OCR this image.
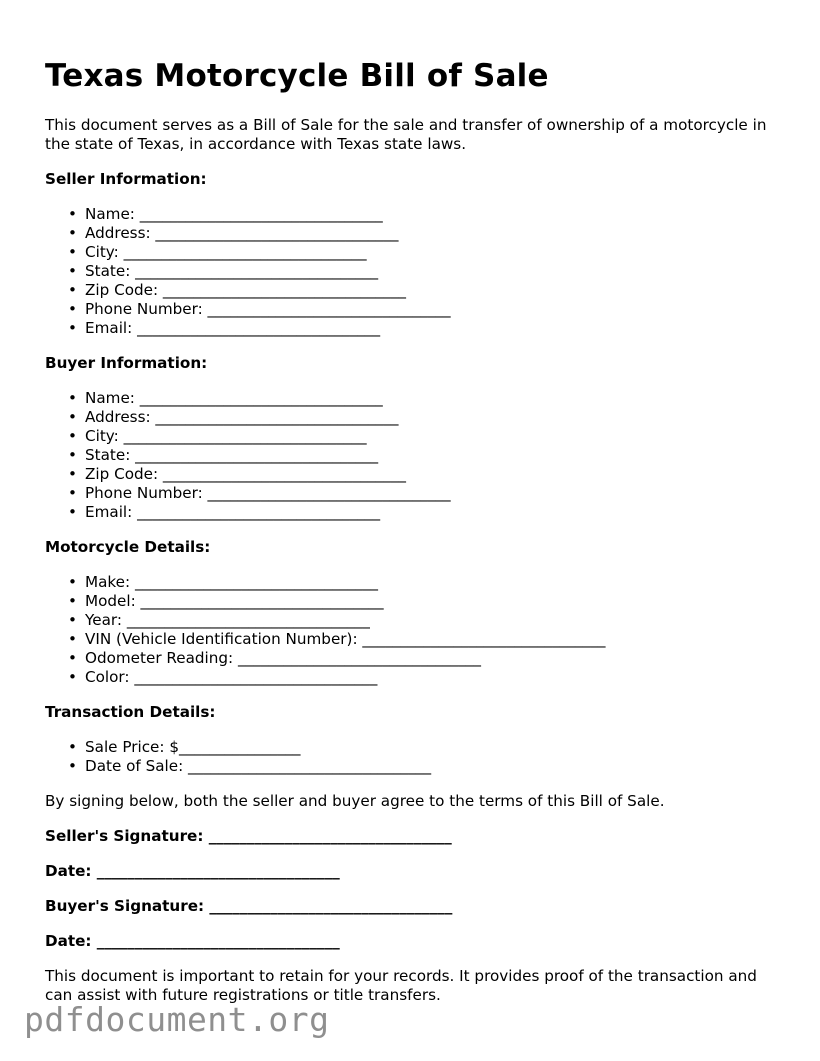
Texas Motorcycle Bill of Sale

This document serves as a Bill of Sale for the sale and transfer of ownership of a motorcycle in the state of Texas, in accordance with Texas state laws.

Seller Information:
• Name: ________________________________
• Address: ________________________________
• City: ________________________________
• State: ________________________________
• Zip Code: ________________________________
• Phone Number: ________________________________
• Email: ________________________________
Buyer Information:
• Name: ________________________________
• Address: ________________________________
• City: ________________________________
• State: ________________________________
• Zip Code: ________________________________
• Phone Number: ________________________________
• Email: ________________________________
Motorcycle Details:
• Make: ________________________________
• Model: ________________________________
• Year: ________________________________
• VIN (Vehicle Identification Number): ________________________________
• Odometer Reading: ________________________________
• Color: ________________________________
Transaction Details:
• Sale Price: $________________
• Date of Sale: ________________________________

By signing below, both the seller and buyer agree to the terms of this Bill of Sale.

Seller's Signature: ________________________________
Date: ________________________________
Buyer's Signature: ________________________________
Date: ________________________________

This document is important to retain for your records. It provides proof of the transaction and can assist with future registrations or title transfers.

pdfdocument.org
